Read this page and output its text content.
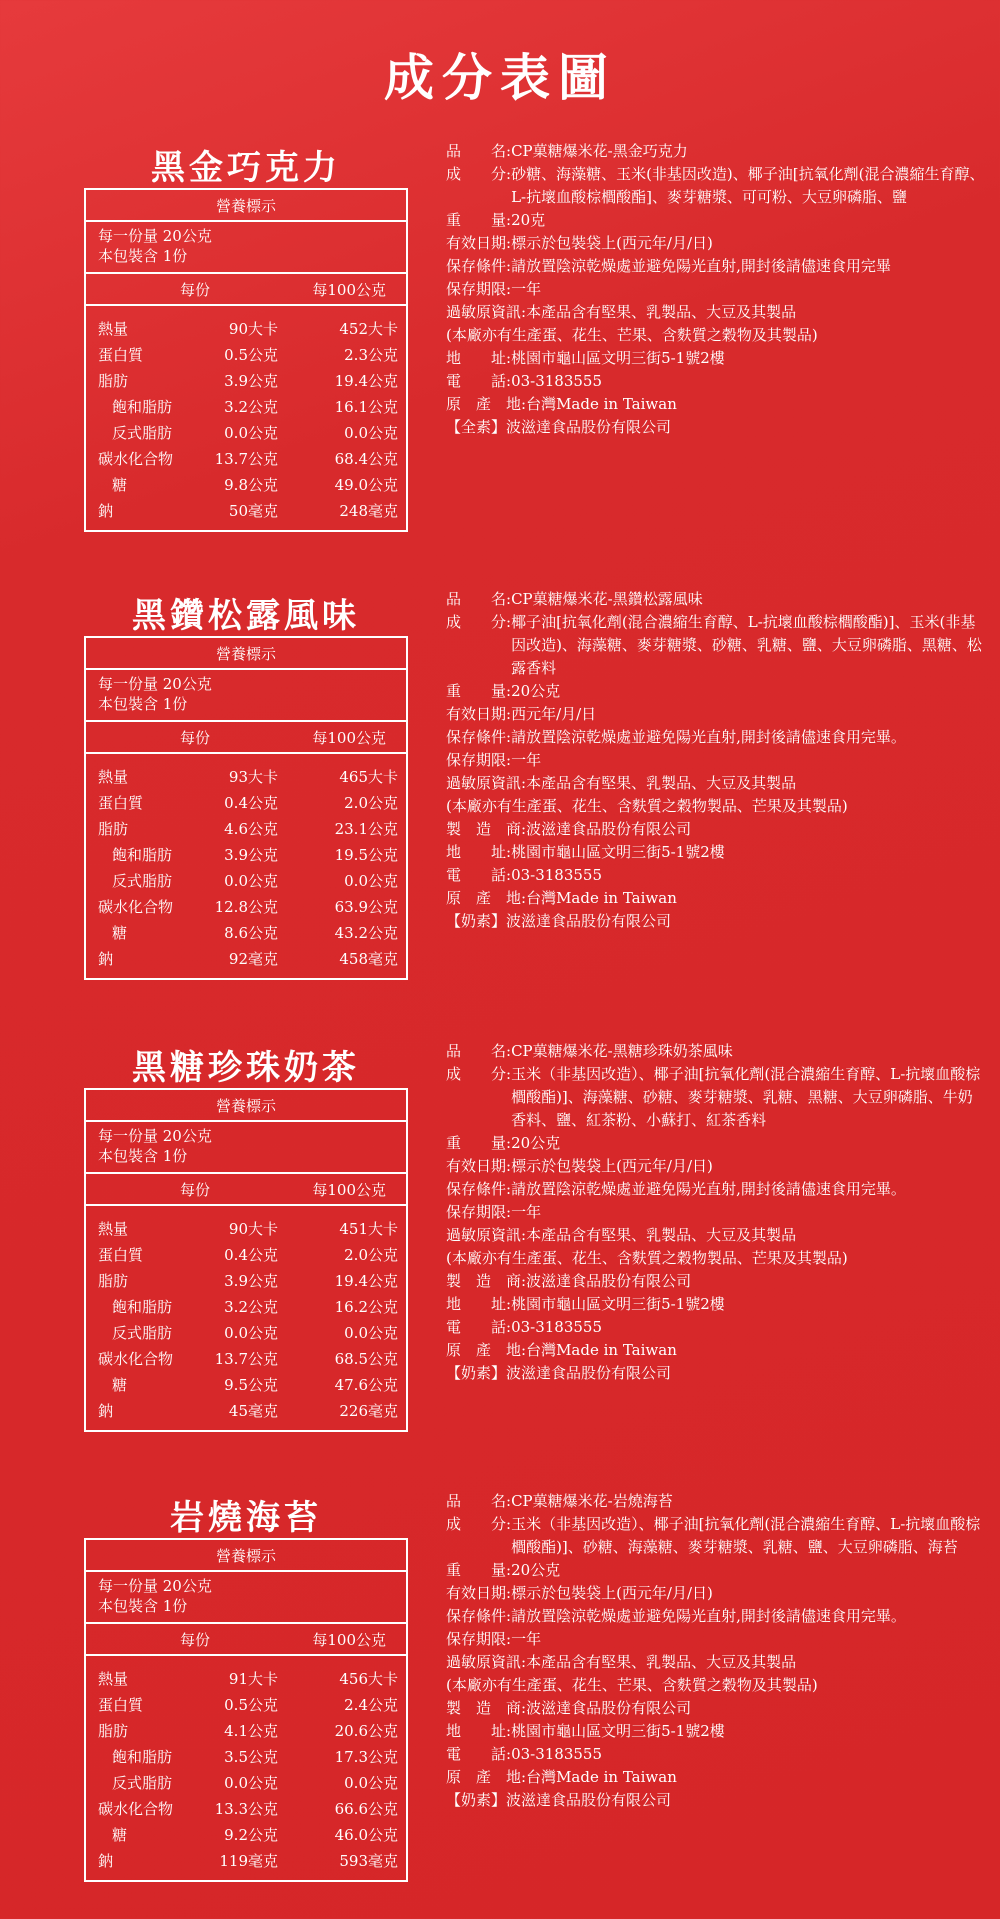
成分表圖
黑金巧克力
營養標示
每一份量 20公克
本包裝含 1份
每份	每100公克
熱量	90大卡	452大卡
蛋白質	0.5公克	2.3公克
脂肪	3.9公克	19.4公克
飽和脂肪	3.2公克	16.1公克
反式脂肪	0.0公克	0.0公克
碳水化合物	13.7公克	68.4公克
糖	9.8公克	49.0公克
鈉	50毫克	248毫克
品　　名: CP菓糖爆米花-黑金巧克力
成　　分: 砂糖、海藻糖、玉米(非基因改造)、椰子油[抗氧化劑(混合濃縮生育醇、L-抗壞血酸棕櫚酸酯]、麥芽糖漿、可可粉、大豆卵磷脂、鹽
重　　量: 20克
有效日期: 標示於包裝袋上(西元年/月/日)
保存條件: 請放置陰涼乾燥處並避免陽光直射,開封後請儘速食用完畢
保存期限: 一年
過敏原資訊: 本產品含有堅果、乳製品、大豆及其製品
(本廠亦有生產蛋、花生、芒果、含麩質之穀物及其製品)
地　　址: 桃園市龜山區文明三街5-1號2樓
電　　話: 03-3183555
原　產　地: 台灣Made in Taiwan
【全素】波滋達食品股份有限公司
黑鑽松露風味
營養標示
每一份量 20公克
本包裝含 1份
每份	每100公克
熱量	93大卡	465大卡
蛋白質	0.4公克	2.0公克
脂肪	4.6公克	23.1公克
飽和脂肪	3.9公克	19.5公克
反式脂肪	0.0公克	0.0公克
碳水化合物	12.8公克	63.9公克
糖	8.6公克	43.2公克
鈉	92毫克	458毫克
品　　名: CP菓糖爆米花-黑鑽松露風味
成　　分: 椰子油[抗氧化劑(混合濃縮生育醇、L-抗壞血酸棕櫚酸酯)]、玉米(非基因改造)、海藻糖、麥芽糖漿、砂糖、乳糖、鹽、大豆卵磷脂、黑糖、松露香料
重　　量: 20公克
有效日期: 西元年/月/日
保存條件: 請放置陰涼乾燥處並避免陽光直射,開封後請儘速食用完畢。
保存期限: 一年
過敏原資訊: 本產品含有堅果、乳製品、大豆及其製品
(本廠亦有生產蛋、花生、含麩質之穀物製品、芒果及其製品)
製　造　商: 波滋達食品股份有限公司
地　　址: 桃園市龜山區文明三街5-1號2樓
電　　話: 03-3183555
原　產　地: 台灣Made in Taiwan
【奶素】波滋達食品股份有限公司
黑糖珍珠奶茶
營養標示
每一份量 20公克
本包裝含 1份
每份	每100公克
熱量	90大卡	451大卡
蛋白質	0.4公克	2.0公克
脂肪	3.9公克	19.4公克
飽和脂肪	3.2公克	16.2公克
反式脂肪	0.0公克	0.0公克
碳水化合物	13.7公克	68.5公克
糖	9.5公克	47.6公克
鈉	45毫克	226毫克
品　　名: CP菓糖爆米花-黑糖珍珠奶茶風味
成　　分: 玉米（非基因改造）、椰子油[抗氧化劑(混合濃縮生育醇、L-抗壞血酸棕櫚酸酯)]、海藻糖、砂糖、麥芽糖漿、乳糖、黑糖、大豆卵磷脂、牛奶香料、鹽、紅茶粉、小蘇打、紅茶香料
重　　量: 20公克
有效日期: 標示於包裝袋上(西元年/月/日)
保存條件: 請放置陰涼乾燥處並避免陽光直射,開封後請儘速食用完畢。
保存期限: 一年
過敏原資訊: 本產品含有堅果、乳製品、大豆及其製品
(本廠亦有生產蛋、花生、含麩質之穀物製品、芒果及其製品)
製　造　商: 波滋達食品股份有限公司
地　　址: 桃園市龜山區文明三街5-1號2樓
電　　話: 03-3183555
原　產　地: 台灣Made in Taiwan
【奶素】波滋達食品股份有限公司
岩燒海苔
營養標示
每一份量 20公克
本包裝含 1份
每份	每100公克
熱量	91大卡	456大卡
蛋白質	0.5公克	2.4公克
脂肪	4.1公克	20.6公克
飽和脂肪	3.5公克	17.3公克
反式脂肪	0.0公克	0.0公克
碳水化合物	13.3公克	66.6公克
糖	9.2公克	46.0公克
鈉	119毫克	593毫克
品　　名: CP菓糖爆米花-岩燒海苔
成　　分: 玉米（非基因改造）、椰子油[抗氧化劑(混合濃縮生育醇、L-抗壞血酸棕櫚酸酯)]、砂糖、海藻糖、麥芽糖漿、乳糖、鹽、大豆卵磷脂、海苔
重　　量: 20公克
有效日期: 標示於包裝袋上(西元年/月/日)
保存條件: 請放置陰涼乾燥處並避免陽光直射,開封後請儘速食用完畢。
保存期限: 一年
過敏原資訊: 本產品含有堅果、乳製品、大豆及其製品
(本廠亦有生產蛋、花生、芒果、含麩質之穀物及其製品)
製　造　商: 波滋達食品股份有限公司
地　　址: 桃園市龜山區文明三街5-1號2樓
電　　話: 03-3183555
原　產　地: 台灣Made in Taiwan
【奶素】波滋達食品股份有限公司
